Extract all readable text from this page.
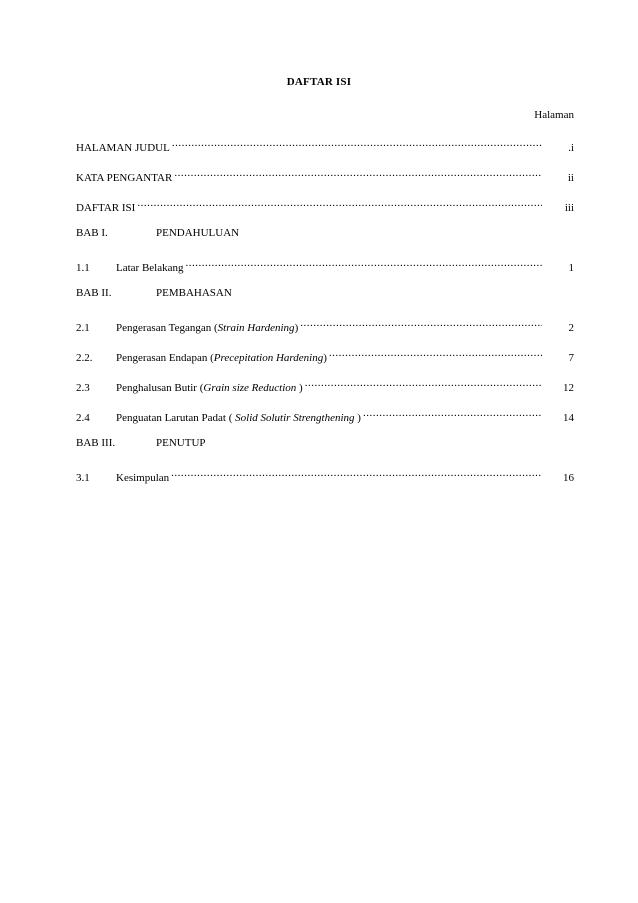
DAFTAR ISI
Halaman
HALAMAN JUDUL .....	.i
KATA PENGANTAR .....	ii
DAFTAR ISI .....	iii
BAB I.	PENDAHULUAN
1.1	Latar Belakang .....	1
BAB II.	PEMBAHASAN
2.1	Pengerasan Tegangan (Strain Hardening) .....	2
2.2.	Pengerasan Endapan (Precepitation Hardening) .....	7
2.3	Penghalusan Butir (Grain size Reduction ) .....	12
2.4	Penguatan Larutan Padat ( Solid Solutir Strengthening ) .....	14
BAB III.	PENUTUP
3.1	Kesimpulan .....	16
